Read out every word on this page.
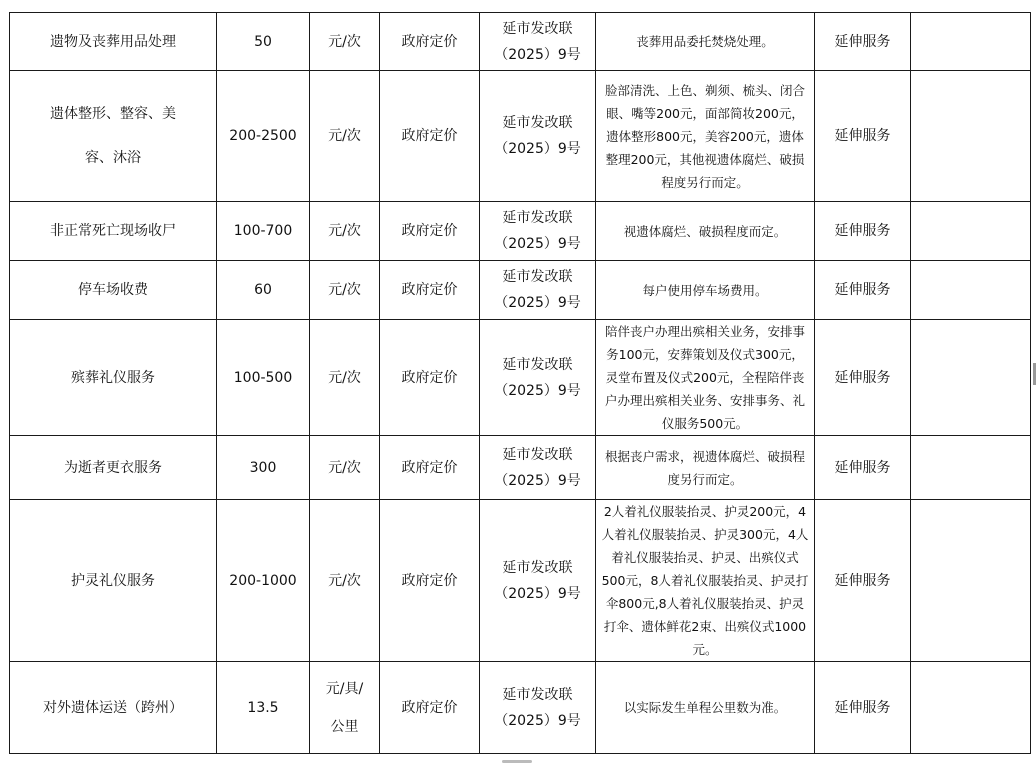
遗物及丧葬用品处理	50	元/次	政府定价	延市发改联（2025）9号	丧葬用品委托焚烧处理。	延伸服务	
遗体整形、整容、美容、沐浴	200-2500	元/次	政府定价	延市发改联（2025）9号	脸部清洗、上色、剃须、梳头、闭合眼、嘴等200元，面部简妆200元，遗体整形800元，美容200元，遗体整理200元，其他视遗体腐烂、破损程度另行而定。	延伸服务	
非正常死亡现场收尸	100-700	元/次	政府定价	延市发改联（2025）9号	视遗体腐烂、破损程度而定。	延伸服务	
停车场收费	60	元/次	政府定价	延市发改联（2025）9号	每户使用停车场费用。	延伸服务	
殡葬礼仪服务	100-500	元/次	政府定价	延市发改联（2025）9号	陪伴丧户办理出殡相关业务，安排事务100元，安葬策划及仪式300元，灵堂布置及仪式200元，全程陪伴丧户办理出殡相关业务、安排事务、礼仪服务500元。	延伸服务	
为逝者更衣服务	300	元/次	政府定价	延市发改联（2025）9号	根据丧户需求，视遗体腐烂、破损程度另行而定。	延伸服务	
护灵礼仪服务	200-1000	元/次	政府定价	延市发改联（2025）9号	2人着礼仪服装抬灵、护灵200元，4人着礼仪服装抬灵、护灵300元，4人着礼仪服装抬灵、护灵、出殡仪式500元，8人着礼仪服装抬灵、护灵打伞800元,8人着礼仪服装抬灵、护灵打伞、遗体鲜花2束、出殡仪式1000元。	延伸服务	
对外遗体运送（跨州）	13.5	元/具/公里	政府定价	延市发改联（2025）9号	以实际发生单程公里数为准。	延伸服务	
